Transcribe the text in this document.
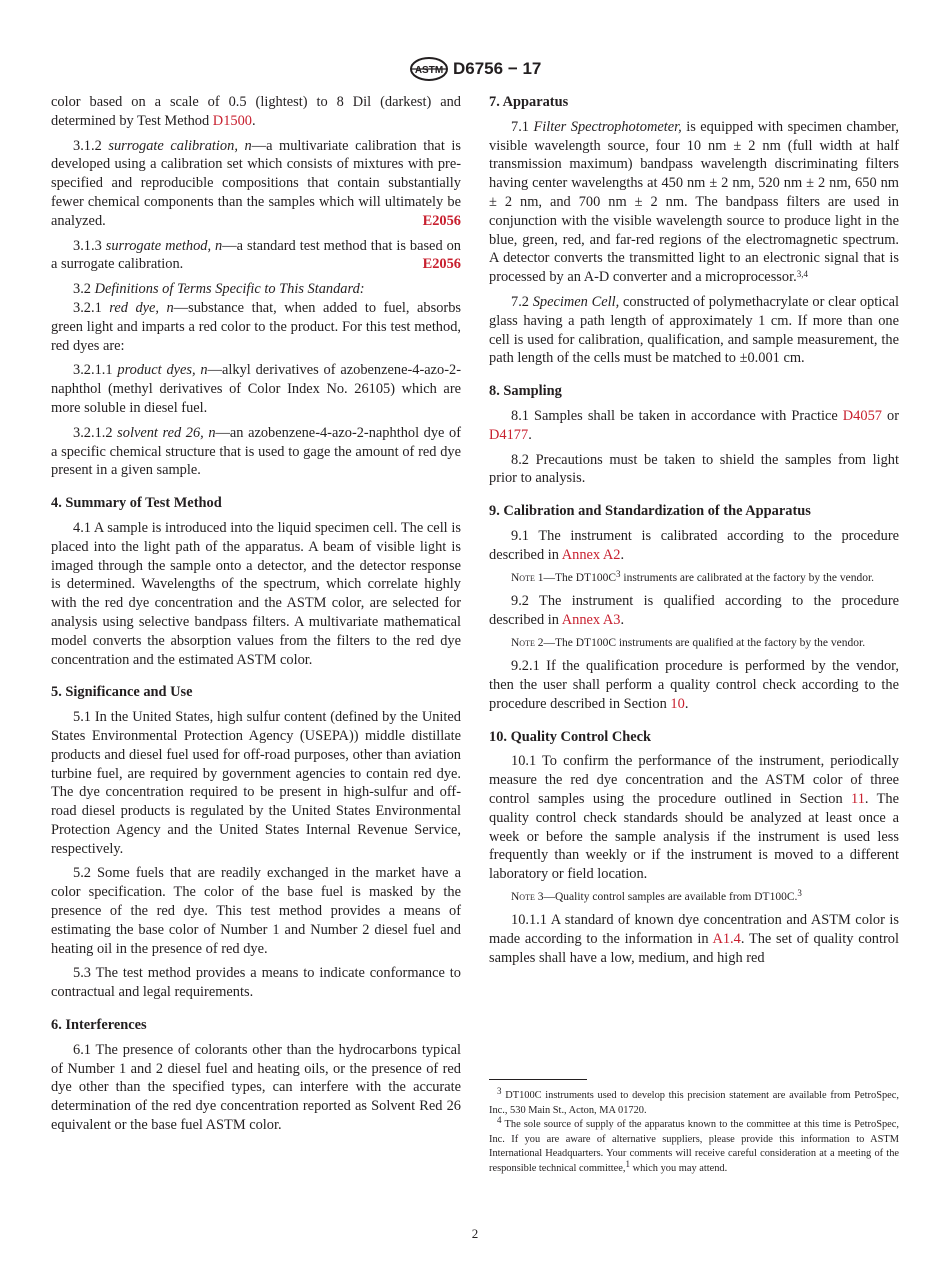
ASTM D6756 − 17

color based on a scale of 0.5 (lightest) to 8 Dil (darkest) and determined by Test Method D1500.

3.1.2 surrogate calibration, n—a multivariate calibration that is developed using a calibration set which consists of mixtures with pre-specified and reproducible compositions that contain substantially fewer chemical components than the samples which will ultimately be analyzed.	E2056

3.1.3 surrogate method, n—a standard test method that is based on a surrogate calibration.	E2056

3.2 Definitions of Terms Specific to This Standard:

3.2.1 red dye, n—substance that, when added to fuel, absorbs green light and imparts a red color to the product. For this test method, red dyes are:

3.2.1.1 product dyes, n—alkyl derivatives of azobenzene-4-azo-2-naphthol (methyl derivatives of Color Index No. 26105) which are more soluble in diesel fuel.

3.2.1.2 solvent red 26, n—an azobenzene-4-azo-2-naphthol dye of a specific chemical structure that is used to gage the amount of red dye present in a given sample.

4. Summary of Test Method

4.1 A sample is introduced into the liquid specimen cell. The cell is placed into the light path of the apparatus. A beam of visible light is imaged through the sample onto a detector, and the detector response is determined. Wavelengths of the spectrum, which correlate highly with the red dye concentration and the ASTM color, are selected for analysis using selective bandpass filters. A multivariate mathematical model converts the absorption values from the filters to the red dye concentration and the estimated ASTM color.

5. Significance and Use

5.1 In the United States, high sulfur content (defined by the United States Environmental Protection Agency (USEPA)) middle distillate products and diesel fuel used for off-road purposes, other than aviation turbine fuel, are required by government agencies to contain red dye. The dye concentration required to be present in high-sulfur and off-road diesel products is regulated by the United States Environmental Protection Agency and the United States Internal Revenue Service, respectively.

5.2 Some fuels that are readily exchanged in the market have a color specification. The color of the base fuel is masked by the presence of the red dye. This test method provides a means of estimating the base color of Number 1 and Number 2 diesel fuel and heating oil in the presence of red dye.

5.3 The test method provides a means to indicate conformance to contractual and legal requirements.

6. Interferences

6.1 The presence of colorants other than the hydrocarbons typical of Number 1 and 2 diesel fuel and heating oils, or the presence of red dye other than the specified types, can interfere with the accurate determination of the red dye concentration reported as Solvent Red 26 equivalent or the base fuel ASTM color.

7. Apparatus

7.1 Filter Spectrophotometer, is equipped with specimen chamber, visible wavelength source, four 10 nm ± 2 nm (full width at half transmission maximum) bandpass wavelength discriminating filters having center wavelengths at 450 nm ± 2 nm, 520 nm ± 2 nm, 650 nm ± 2 nm, and 700 nm ± 2 nm. The bandpass filters are used in conjunction with the visible wavelength source to produce light in the blue, green, red, and far-red regions of the electromagnetic spectrum. A detector converts the transmitted light to an electronic signal that is processed by an A-D converter and a microprocessor.$^{3,4}$

7.2 Specimen Cell, constructed of polymethacrylate or clear optical glass having a path length of approximately 1 cm. If more than one cell is used for calibration, qualification, and sample measurement, the path length of the cells must be matched to ±0.001 cm.

8. Sampling

8.1 Samples shall be taken in accordance with Practice D4057 or D4177.

8.2 Precautions must be taken to shield the samples from light prior to analysis.

9. Calibration and Standardization of the Apparatus

9.1 The instrument is calibrated according to the procedure described in Annex A2.

Note 1—The $DT100C^3$ instruments are calibrated at the factory by the vendor.

9.2 The instrument is qualified according to the procedure described in Annex A3.

Note 2—The DT100C instruments are qualified at the factory by the vendor.

9.2.1 If the qualification procedure is performed by the vendor, then the user shall perform a quality control check according to the procedure described in Section 10.

10. Quality Control Check

10.1 To confirm the performance of the instrument, periodically measure the red dye concentration and the ASTM color of three control samples using the procedure outlined in Section 11. The quality control check standards should be analyzed at least once a week or before the sample analysis if the instrument is used less frequently than weekly or if the instrument is moved to a different laboratory or field location.

Note 3—Quality control samples are available from DT100C.$^3$

10.1.1 A standard of known dye concentration and ASTM color is made according to the information in A1.4. The set of quality control samples shall have a low, medium, and high red

$^3$ DT100C instruments used to develop this precision statement are available from PetroSpec, Inc., 530 Main St., Acton, MA 01720.

$^4$ The sole source of supply of the apparatus known to the committee at this time is PetroSpec, Inc. If you are aware of alternative suppliers, please provide this information to ASTM International Headquarters. Your comments will receive careful consideration at a meeting of the responsible technical committee,$^1$ which you may attend.

2
